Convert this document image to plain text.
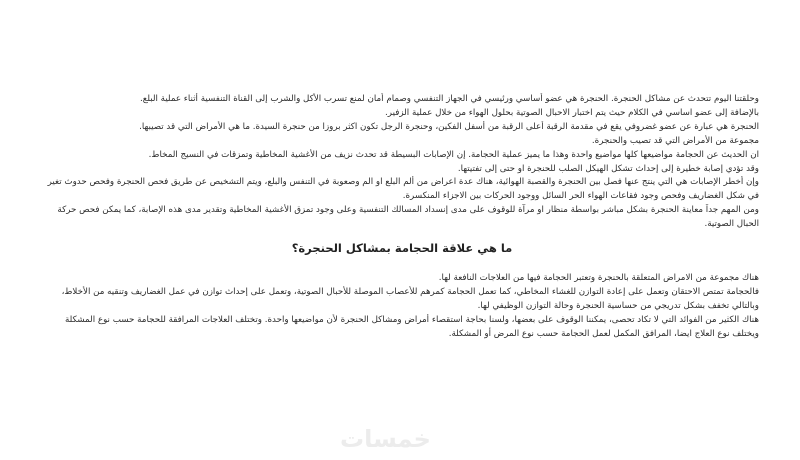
وحلقتنا اليوم تتحدث عن مشاكل الحنجرة. الحنجرة هي عضو أساسي ورئيسي في الجهاز التنفسي وصمام أمان لمنع تسرب الأكل والشرب إلى القناة التنفسية أثناء عملية البلع.

بالإضافة إلى عضو اساسي في الكلام حيث يتم اختبار الاحبال الصوتية بحلول الهواء من خلال عملية الزفير.

الحنجرة هي عبارة عن عضو غضروفي يقع في مقدمة الرقبة أعلى الرقبة من أسفل الفكين، وحنجرة الرجل تكون اكثر بروزا من حنجرة السيدة. ما هي الأمراض التي قد تصيبها.

مجموعة من الأمراض التي قد تصيب والحنجرة.

ان الحديث عن الحجامة مواضيعها كلها مواضيع واحدة وهذا ما يميز عملية الحجامة. إن الإصابات البسيطة قد تحدث نزيف من الأغشية المخاطية وتمزقات في النسيج المخاط.

وقد تؤدي إصابة خطيرة إلى إحداث تشكل الهيكل الصلب للحنجرة او حتى إلى تفتيتها.

وإن أخطر الإصابات هي التي ينتج عنها فصل بين الحنجرة والقصبة الهوائية، هناك عدة اعراض من ألم البلع او الم وصعوبة في التنفس والبلع، ويتم التشخيص عن طريق فحص الحنجرة وفحص حدوث تغير في شكل الغضاريف وفحص وجود فقاعات الهواء الحر السائل ووجود الحركات بين الاجزاء المنكسرة.

ومن المهم جداً معاينة الحنجرة بشكل مباشر بواسطة منظار او مرآة للوقوف على مدى إنسداد المسالك التنفسية وعلى وجود تمزق الأغشية المخاطية وتقدير مدى هذه الإصابة، كما يمكن فحص حركة الحبال الصوتية.

ما هي علاقة الحجامة بمشاكل الحنجرة؟

هناك مجموعة من الامراض المتعلقة بالحنجرة وتعتبر الحجامة فيها من العلاجات النافعة لها.

فالحجامة تمتص الاحتقان وتعمل على إعادة التوازن للغشاء المخاطي، كما تعمل الحجامة كمرهم للأعصاب الموصلة للأحبال الصوتية، وتعمل على إحداث توازن في عمل الغضاريف وتنقيه من الأخلاط، وبالتالي تخفف بشكل تدريجي من حساسية الحنجرة وحالة التوازن الوظيفي لها.

هناك الكثير من الفوائد التي لا تكاد تحصى، يمكننا الوقوف على بعضها، ولسنا بحاجة استقصاء أمراض ومشاكل الحنجرة لأن مواضيعها واحدة. وتختلف العلاجات المرافقة للحجامة حسب نوع المشكلة ويختلف نوع العلاج ايضا، المرافق المكمل لعمل الحجامة حسب نوع المرض أو المشكلة.

خمسات
